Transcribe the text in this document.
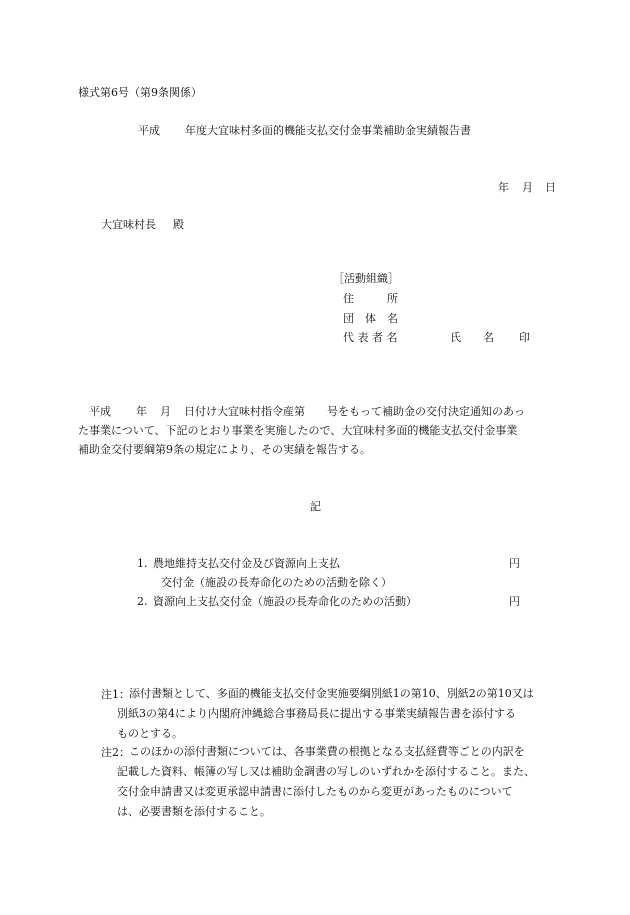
様式第6号（第9条関係）
平成 年度大宜味村多面的機能支払交付金事業補助金実績報告書
年 月 日
大宜味村長 殿
［活動組織］
住　　　所
団　体　名
代 表 者 名	氏　　名 印
平成 年 月 日付け大宜味村指令産第　　号をもって補助金の交付決定通知のあっ
た事業について、下記のとおり事業を実施したので、大宜味村多面的機能支払交付金事業
補助金交付要綱第9条の規定により、その実績を報告する。
記
1. 農地維持支払交付金及び資源向上支払
交付金（施設の長寿命化のための活動を除く）
円
2. 資源向上支払交付金（施設の長寿命化のための活動）	円
注1： 添付書類として、多面的機能支払交付金実施要綱別紙1の第10、別紙2の第10又は
別紙3の第4により内閣府沖縄総合事務局長に提出する事業実績報告書を添付する
ものとする。
注2： このほかの添付書類については、各事業費の根拠となる支払経費等ごとの内訳を
記載した資料、帳簿の写し又は補助金調書の写しのいずれかを添付すること。また、
交付金申請書又は変更承認申請書に添付したものから変更があったものについて
は、必要書類を添付すること。
